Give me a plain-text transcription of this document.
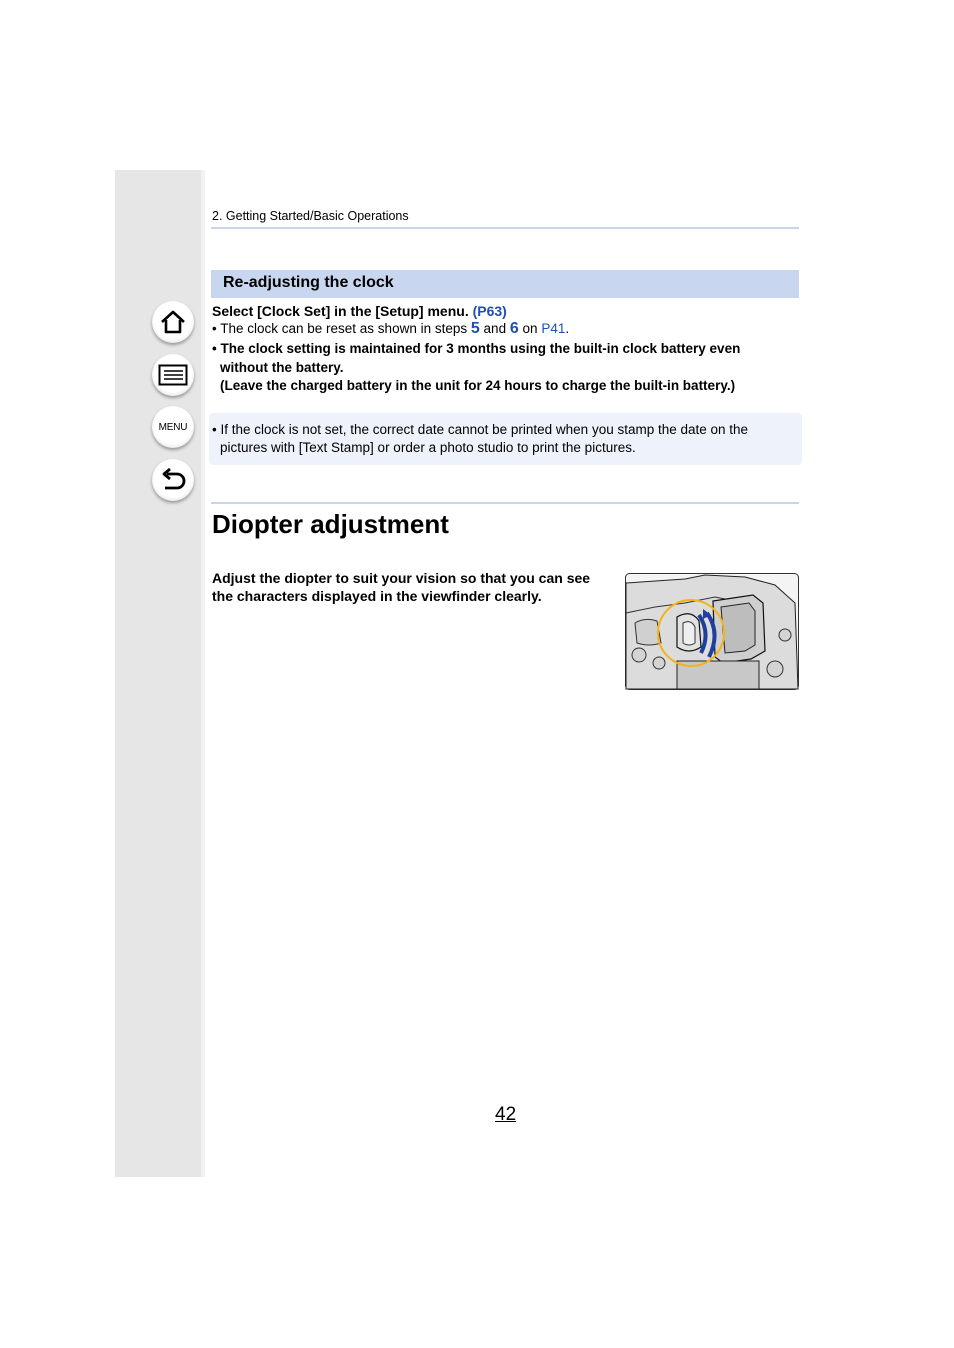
MENU
2. Getting Started/Basic Operations
Re-adjusting the clock
Select [Clock Set] in the [Setup] menu. (P63)
• The clock can be reset as shown in steps 5 and 6 on P41.
• The clock setting is maintained for 3 months using the built-in clock battery even
without the battery.
(Leave the charged battery in the unit for 24 hours to charge the built-in battery.)
• If the clock is not set, the correct date cannot be printed when you stamp the date on the
pictures with [Text Stamp] or order a photo studio to print the pictures.
Diopter adjustment
Adjust the diopter to suit your vision so that you can see
the characters displayed in the viewfinder clearly.
42
